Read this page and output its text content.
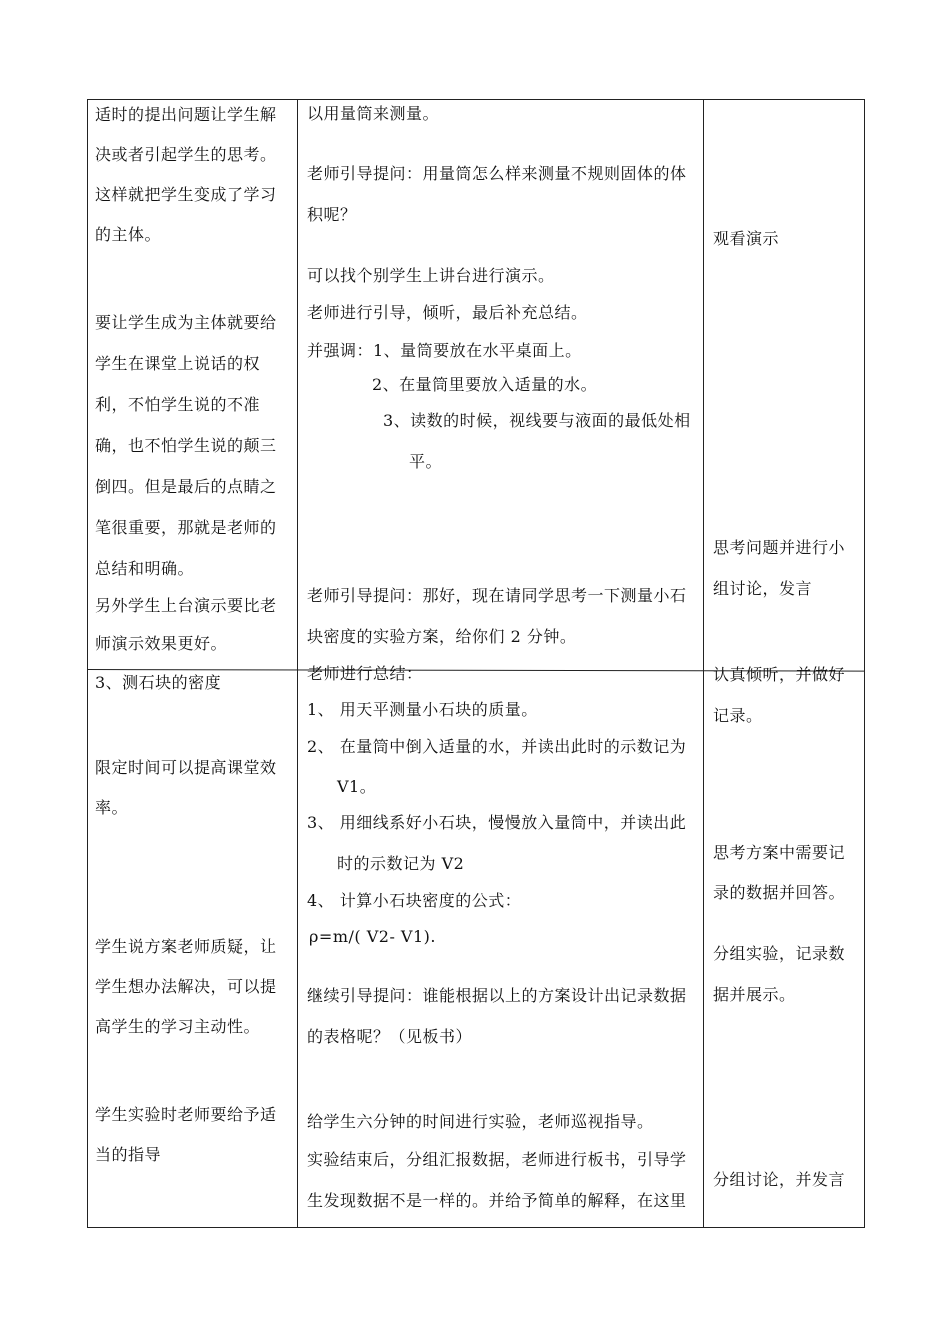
适时的提出问题让学生解
决或者引起学生的思考。
这样就把学生变成了学习
的主体。
要让学生成为主体就要给
学生在课堂上说话的权
利，不怕学生说的不准
确，也不怕学生说的颠三
倒四。但是最后的点睛之
笔很重要，那就是老师的
总结和明确。
另外学生上台演示要比老
师演示效果更好。
3、测石块的密度
限定时间可以提高课堂效
率。
学生说方案老师质疑，让
学生想办法解决，可以提
高学生的学习主动性。
学生实验时老师要给予适
当的指导
以用量筒来测量。
老师引导提问：用量筒怎么样来测量不规则固体的体
积呢？
可以找个别学生上讲台进行演示。
老师进行引导，倾听，最后补充总结。
并强调：1、量筒要放在水平桌面上。
2、在量筒里要放入适量的水。
3、读数的时候，视线要与液面的最低处相
平。
老师引导提问：那好，现在请同学思考一下测量小石
块密度的实验方案，给你们 2 分钟。
老师进行总结：
1、 用天平测量小石块的质量。
2、 在量筒中倒入适量的水，并读出此时的示数记为
V1。
3、 用细线系好小石块，慢慢放入量筒中，并读出此
时的示数记为 V2
4、 计算小石块密度的公式：
ρ=m/( V2- V1).
继续引导提问：谁能根据以上的方案设计出记录数据
的表格呢？（见板书）
给学生六分钟的时间进行实验，老师巡视指导。
实验结束后，分组汇报数据，老师进行板书，引导学
生发现数据不是一样的。并给予简单的解释，在这里
观看演示
思考问题并进行小
组讨论，发言
认真倾听，并做好
记录。
思考方案中需要记
录的数据并回答。
分组实验，记录数
据并展示。
分组讨论，并发言
